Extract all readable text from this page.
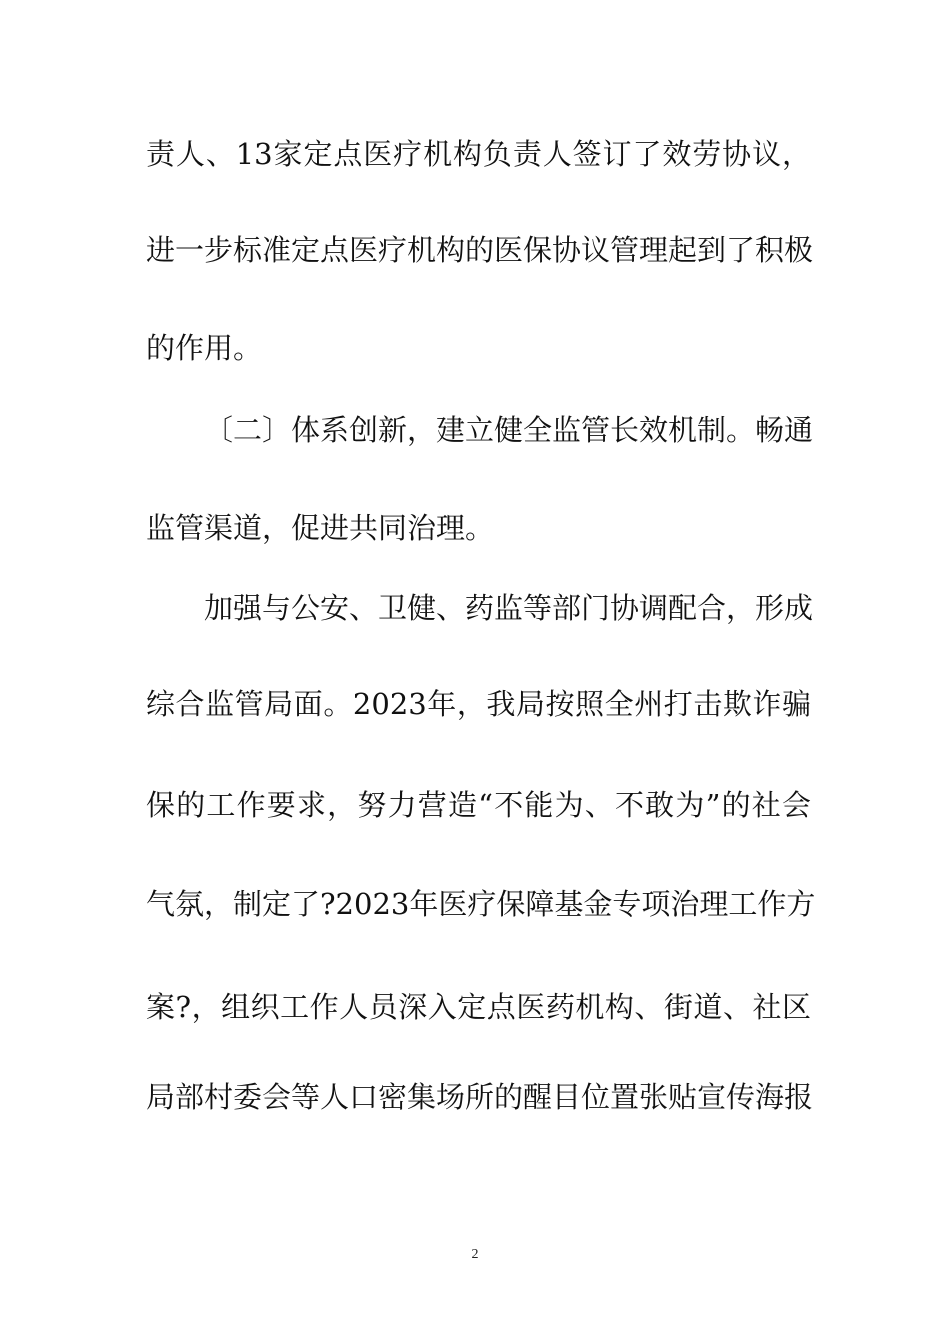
责人、13家定点医疗机构负责人签订了效劳协议，
进一步标准定点医疗机构的医保协议管理起到了积极
的作用。
〔二〕体系创新，建立健全监管长效机制。畅通
监管渠道，促进共同治理。
加强与公安、卫健、药监等部门协调配合，形成
综合监管局面。2023年，我局按照全州打击欺诈骗
保的工作要求，努力营造“不能为、不敢为”的社会
气氛，制定了?2023年医疗保障基金专项治理工作方
案?，组织工作人员深入定点医药机构、街道、社区
局部村委会等人口密集场所的醒目位置张贴宣传海报
2
